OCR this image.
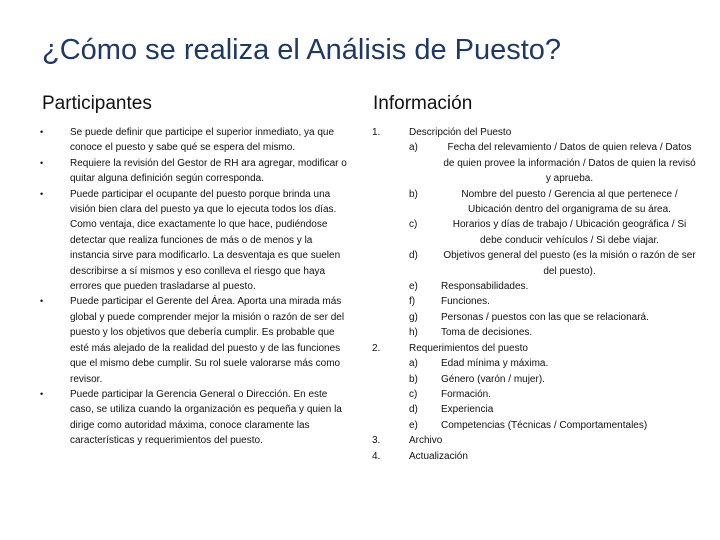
¿Cómo se realiza el Análisis de Puesto?
Participantes	Información
•	Se puede definir que participe el superior inmediato, ya que conoce el puesto y sabe qué se espera del mismo.
•	Requiere la revisión del Gestor de RH ara agregar, modificar o quitar alguna definición según corresponda.
•	Puede participar el ocupante del puesto porque brinda una visión bien clara del puesto ya que lo ejecuta todos los días. Como ventaja, dice exactamente lo que hace, pudiéndose detectar que realiza funciones de más o de menos y la instancia sirve para modificarlo. La desventaja es que suelen describirse a sí mismos y eso conlleva el riesgo que haya errores que pueden trasladarse al puesto.
•	Puede participar el Gerente del Área. Aporta una mirada más global y puede comprender mejor la misión o razón de ser del puesto y los objetivos que debería cumplir. Es probable que esté más alejado de la realidad del puesto y de las funciones que el mismo debe cumplir. Su rol suele valorarse más como revisor.
•	Puede participar la Gerencia General o Dirección. En este caso, se utiliza cuando la organización es pequeña y quien la dirige como autoridad máxima, conoce claramente las características y requerimientos del puesto.
1.	Descripción del Puesto
a)	Fecha del relevamiento / Datos de quien releva / Datos de quien provee la información / Datos de quien la revisó y aprueba.
b)	Nombre del puesto / Gerencia al que pertenece / Ubicación dentro del organigrama de su área.
c)	Horarios y días de trabajo / Ubicación geográfica / Si debe conducir vehículos / Si debe viajar.
d)	Objetivos general del puesto (es la misión o razón de ser del puesto).
e) Responsabilidades.
f)	Funciones.
g) Personas / puestos con las que se relacionará.
h) Toma de decisiones.
2.	Requerimientos del puesto
a) Edad mínima y máxima.
b) Género (varón / mujer).
c) Formación.
d) Experiencia
e) Competencias (Técnicas / Comportamentales)
3.	Archivo
4.	Actualización
